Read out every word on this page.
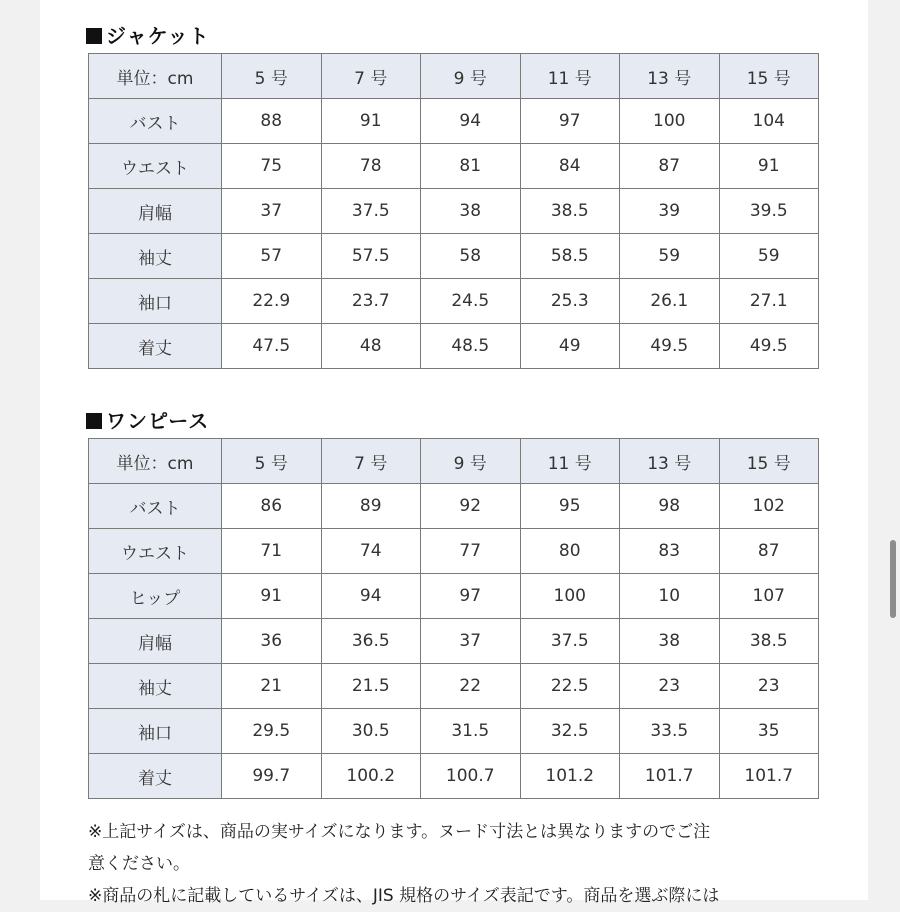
ジャケット
単位：cm	5 号	7 号	9 号	11 号	13 号	15 号
バスト	88	91	94	97	100	104
ウエスト	75	78	81	84	87	91
肩幅	37	37.5	38	38.5	39	39.5
袖丈	57	57.5	58	58.5	59	59
袖口	22.9	23.7	24.5	25.3	26.1	27.1
着丈	47.5	48	48.5	49	49.5	49.5
ワンピース
単位：cm	5 号	7 号	9 号	11 号	13 号	15 号
バスト	86	89	92	95	98	102
ウエスト	71	74	77	80	83	87
ヒップ	91	94	97	100	10	107
肩幅	36	36.5	37	37.5	38	38.5
袖丈	21	21.5	22	22.5	23	23
袖口	29.5	30.5	31.5	32.5	33.5	35
着丈	99.7	100.2	100.7	101.2	101.7	101.7
※上記サイズは、商品の実サイズになります。ヌード寸法とは異なりますのでご注
意ください。
※商品の札に記載しているサイズは、JIS 規格のサイズ表記です。商品を選ぶ際には
